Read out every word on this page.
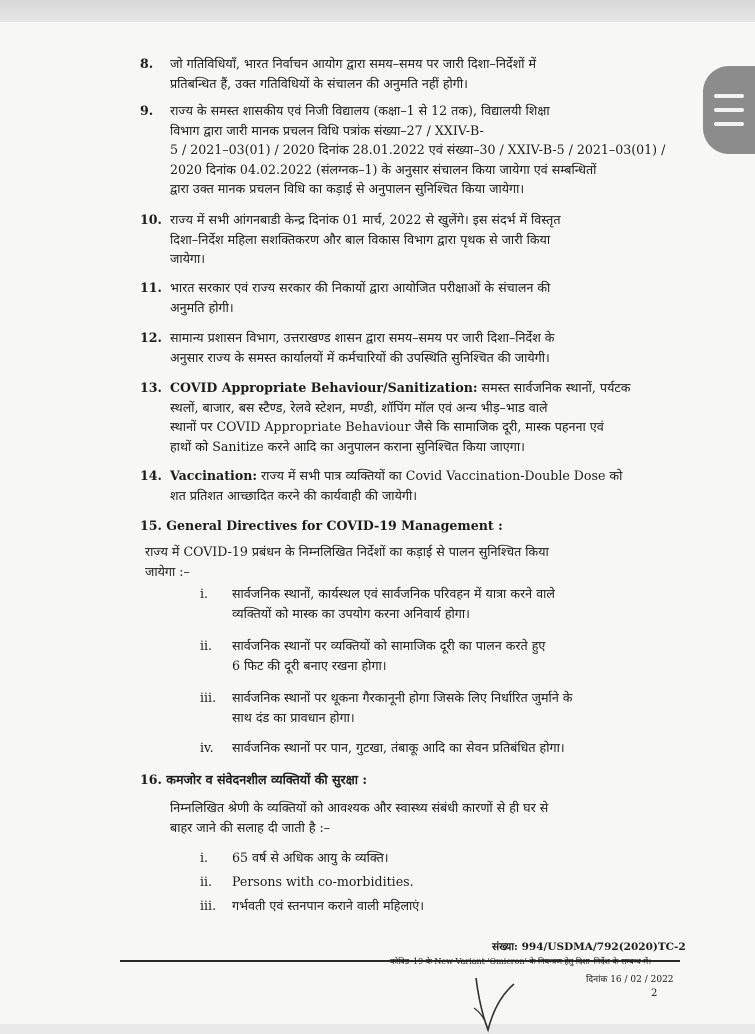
8. जो गतिविधियाँ, भारत निर्वाचन आयोग द्वारा समय–समय पर जारी दिशा–निर्देशों में
प्रतिबन्धित हैं, उक्त गतिविधियों के संचालन की अनुमति नहीं होगी।
9. राज्य के समस्त शासकीय एवं निजी विद्यालय (कक्षा–1 से 12 तक), विद्यालयी शिक्षा
विभाग द्वारा जारी मानक प्रचलन विधि पत्रांक संख्या–27 / XXIV-B-
5 / 2021–03(01) / 2020 दिनांक 28.01.2022 एवं संख्या–30 / XXIV-B-5 / 2021–03(01) /
2020 दिनांक 04.02.2022 (संलग्नक–1) के अनुसार संचालन किया जायेगा एवं सम्बन्धितों
द्वारा उक्त मानक प्रचलन विधि का कड़ाई से अनुपालन सुनिश्चित किया जायेगा।
10. राज्य में सभी आंगनबाडी केन्द्र दिनांक 01 मार्च, 2022 से खुलेंगे। इस संदर्भ में विस्तृत
दिशा–निर्देश महिला सशक्तिकरण और बाल विकास विभाग द्वारा पृथक से जारी किया
जायेगा।
11. भारत सरकार एवं राज्य सरकार की निकायों द्वारा आयोजित परीक्षाओं के संचालन की
अनुमति होगी।
12. सामान्य प्रशासन विभाग, उत्तराखण्ड शासन द्वारा समय–समय पर जारी दिशा–निर्देश के
अनुसार राज्य के समस्त कार्यालयों में कर्मचारियों की उपस्थिति सुनिश्चित की जायेगी।
13. COVID Appropriate Behaviour/Sanitization: समस्त सार्वजनिक स्थानों, पर्यटक
स्थलों, बाजार, बस स्टैण्ड, रेलवे स्टेशन, मण्डी, शॉपिंग मॉल एवं अन्य भीड़–भाड वाले
स्थानों पर COVID Appropriate Behaviour जैसे कि सामाजिक दूरी, मास्क पहनना एवं
हाथों को Sanitize करने आदि का अनुपालन कराना सुनिश्चित किया जाएगा।
14. Vaccination: राज्य में सभी पात्र व्यक्तियों का Covid Vaccination-Double Dose को
शत प्रतिशत आच्छादित करने की कार्यवाही की जायेगी।
15. General Directives for COVID-19 Management :
राज्य में COVID-19 प्रबंधन के निम्नलिखित निर्देशों का कड़ाई से पालन सुनिश्चित किया
जायेगा :–
i. सार्वजनिक स्थानों, कार्यस्थल एवं सार्वजनिक परिवहन में यात्रा करने वाले
व्यक्तियों को मास्क का उपयोग करना अनिवार्य होगा।
ii. सार्वजनिक स्थानों पर व्यक्तियों को सामाजिक दूरी का पालन करते हुए
6 फिट की दूरी बनाए रखना होगा।
iii. सार्वजनिक स्थानों पर थूकना गैरकानूनी होगा जिसके लिए निर्धारित जुर्माने के
साथ दंड का प्रावधान होगा।
iv. सार्वजनिक स्थानों पर पान, गुटखा, तंबाकू आदि का सेवन प्रतिबंधित होगा।
16. कमजोर व संवेदनशील व्यक्तियों की सुरक्षा :
निम्नलिखित श्रेणी के व्यक्तियों को आवश्यक और स्वास्थ्य संबंधी कारणों से ही घर से
बाहर जाने की सलाह दी जाती है :–
i. 65 वर्ष से अधिक आयु के व्यक्ति।
ii. Persons with co-morbidities.
iii. गर्भवती एवं स्तनपान कराने वाली महिलाएं।
संख्या: 994/USDMA/792(2020)TC-2
कोविड–19 के New Variant 'Omicron' के नियन्त्रण हेतु दिशा–निर्देश के सम्बन्ध में।
दिनांक 16 / 02 / 2022
2
